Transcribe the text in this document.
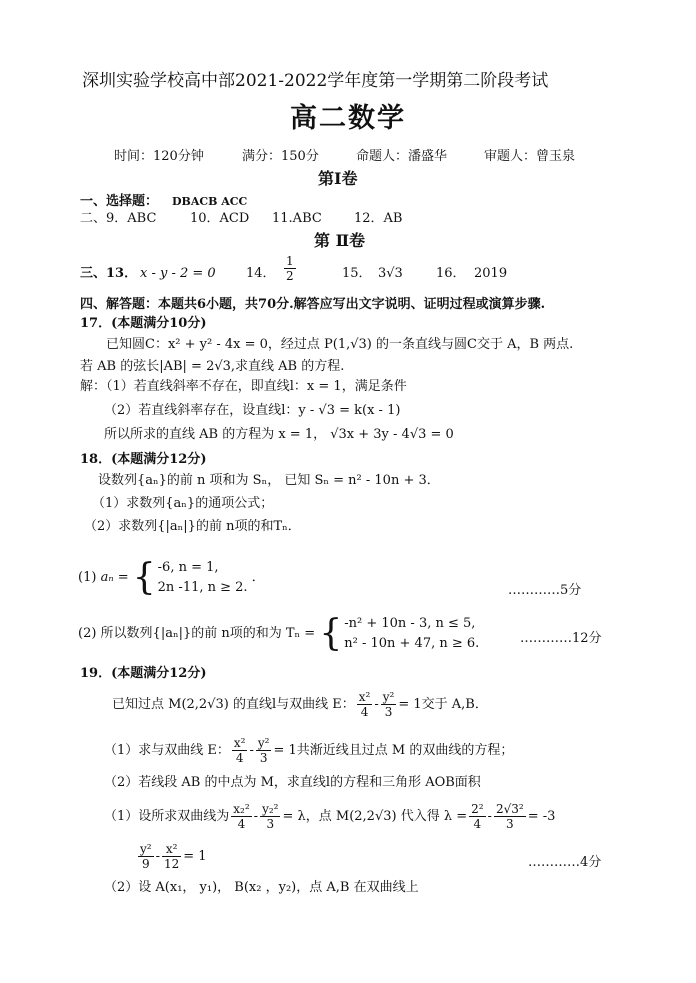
深圳实验学校高中部2021-2022学年度第一学期第二阶段考试
高二数学
时间：120分钟	满分：150分	命题人：潘盛华	审题人：曾玉泉
第Ⅰ卷
一、选择题： DBACB ACC
二、9．ABC	10．ACD 11.ABC 12．AB
第 Ⅱ卷
三、13． x - y - 2 = 0 14． $\frac{1}{2}$	15． 3√3	16． 2019
四、解答题：本题共6小题，共70分.解答应写出文字说明、证明过程或演算步骤.
17．(本题满分10分)
已知圆C：x² + y² - 4x = 0，经过点 P(1,√3) 的一条直线与圆C交于 A，B 两点.
若 AB 的弦长|AB| = 2√3,求直线 AB 的方程.
解：（1）若直线斜率不存在，即直线l：x = 1，满足条件
（2）若直线斜率存在，设直线l：y - √3 = k(x - 1)
所以所求的直线 AB 的方程为 x = 1， √3x + 3y - 4√3 = 0
18．(本题满分12分)
设数列{aₙ}的前 n 项和为 Sₙ， 已知 Sₙ = n² - 10n + 3．
（1）求数列{aₙ}的通项公式；
（2）求数列{|aₙ|}的前 n项的和Tₙ．
(1) aₙ = { -6, n = 1,
2n -11, n ≥ 2.
．
…………5分
(2) 所以数列{|aₙ|}的前 n项的和为 Tₙ = { -n² + 10n - 3, n ≤ 5,
n² - 10n + 47, n ≥ 6.	…………12分
19．(本题满分12分)
已知过点 M(2,2√3) 的直线l与双曲线 E： $\frac{\text{x²}}{4} - \frac{\text{y²}}{3} = 1$交于 A,B．
（1）求与双曲线 E： $\frac{\text{x²}}{4} - \frac{\text{y²}}{3} = 1$共渐近线且过点 M 的双曲线的方程；
（2）若线段 AB 的中点为 M，求直线l的方程和三角形 AOB面积
（1）设所求双曲线为 $\frac{\text{x₂²}}{4} - \frac{\text{y₂²}}{3} = \lambda$，点 M(2,2√3) 代入得 $\lambda = \frac{\text{2²}}{4} - \frac{\text{2√3²}}{3} = -3$
$\frac{\text{y²}}{9} - \frac{\text{x²}}{12} = 1$	…………4分
（2）设 A(x₁， y₁)， B(x₂ ，y₂)，点 A,B 在双曲线上
